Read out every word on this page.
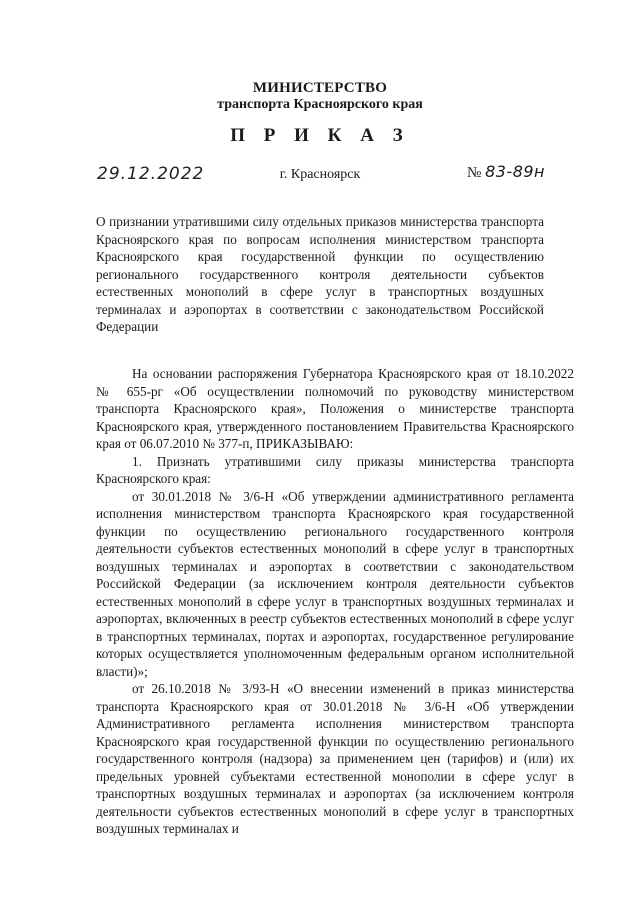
МИНИСТЕРСТВО
транспорта Красноярского края
П Р И К А З
29.12.2022	г. Красноярск	№ 83-89н
О признании утратившими силу отдельных приказов министерства транспорта Красноярского края по вопросам исполнения министерством транспорта Красноярского края государственной функции по осуществлению регионального государственного контроля деятельности субъектов естественных монополий в сфере услуг в транспортных воздушных терминалах и аэропортах в соответствии с законодательством Российской Федерации

На основании распоряжения Губернатора Красноярского края от 18.10.2022 № 655-рг «Об осуществлении полномочий по руководству министерством транспорта Красноярского края», Положения о министерстве транспорта Красноярского края, утвержденного постановлением Правительства Красноярского края от 06.07.2010 № 377-п, ПРИКАЗЫВАЮ:

1. Признать утратившими силу приказы министерства транспорта Красноярского края:

от 30.01.2018 № 3/6-Н «Об утверждении административного регламента исполнения министерством транспорта Красноярского края государственной функции по осуществлению регионального государственного контроля деятельности субъектов естественных монополий в сфере услуг в транспортных воздушных терминалах и аэропортах в соответствии с законодательством Российской Федерации (за исключением контроля деятельности субъектов естественных монополий в сфере услуг в транспортных воздушных терминалах и аэропортах, включенных в реестр субъектов естественных монополий в сфере услуг в транспортных терминалах, портах и аэропортах, государственное регулирование которых осуществляется уполномоченным федеральным органом исполнительной власти)»;

от 26.10.2018 № 3/93-Н «О внесении изменений в приказ министерства транспорта Красноярского края от 30.01.2018 № 3/6-Н «Об утверждении Административного регламента исполнения министерством транспорта Красноярского края государственной функции по осуществлению регионального государственного контроля (надзора) за применением цен (тарифов) и (или) их предельных уровней субъектами естественной монополии в сфере услуг в транспортных воздушных терминалах и аэропортах (за исключением контроля деятельности субъектов естественных монополий в сфере услуг в транспортных воздушных терминалах и
